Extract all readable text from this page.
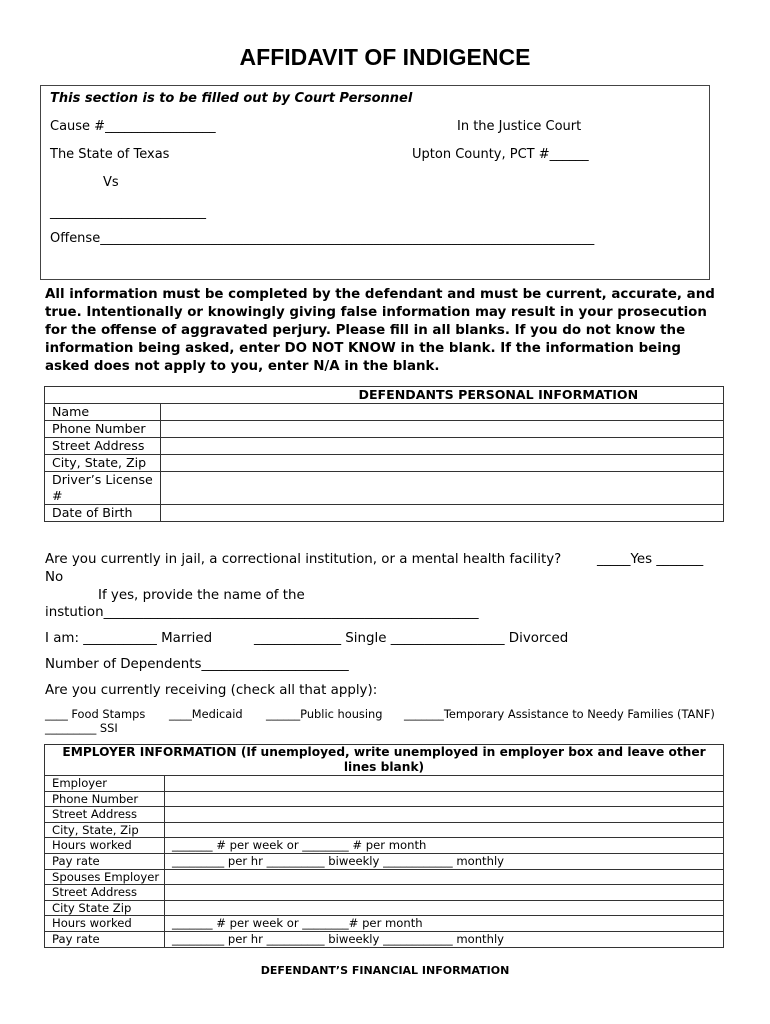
AFFIDAVIT OF INDIGENCE
This section is to be filled out by Court Personnel
Cause #_________________	In the Justice Court
The State of Texas	Upton County, PCT #______
Vs
________________________
Offense____________________________________________________________________________
All information must be completed by the defendant and must be current, accurate, and true. Intentionally or knowingly giving false information may result in your prosecution for the offense of aggravated perjury. Please fill in all blanks. If you do not know the information being asked, enter DO NOT KNOW in the blank. If the information being asked does not apply to you, enter N/A in the blank.
	DEFENDANTS PERSONAL INFORMATION
Name	
Phone Number	
Street Address	
City, State, Zip	
Driver’s License #	
Date of Birth	
Are you currently in jail, a correctional institution, or a mental health facility?	_____Yes _______
No
If yes, provide the name of the
instution________________________________________________________
I am: ___________ Married	_____________ Single _________________ Divorced
Number of Dependents______________________
Are you currently receiving (check all that apply):
____ Food Stamps ____Medicaid ______Public housing _______Temporary Assistance to Needy Families (TANF)
_________ SSI
EMPLOYER INFORMATION (If unemployed, write unemployed in employer box and leave other lines blank)	
Employer	
Phone Number	
Street Address	
City, State, Zip	
Hours worked	_______ # per week or ________ # per month
Pay rate	_________ per hr __________ biweekly ____________ monthly
Spouses Employer	
Street Address	
City State Zip	
Hours worked	_______ # per week or ________# per month
Pay rate	_________ per hr __________ biweekly ____________ monthly
DEFENDANT’S FINANCIAL INFORMATION
